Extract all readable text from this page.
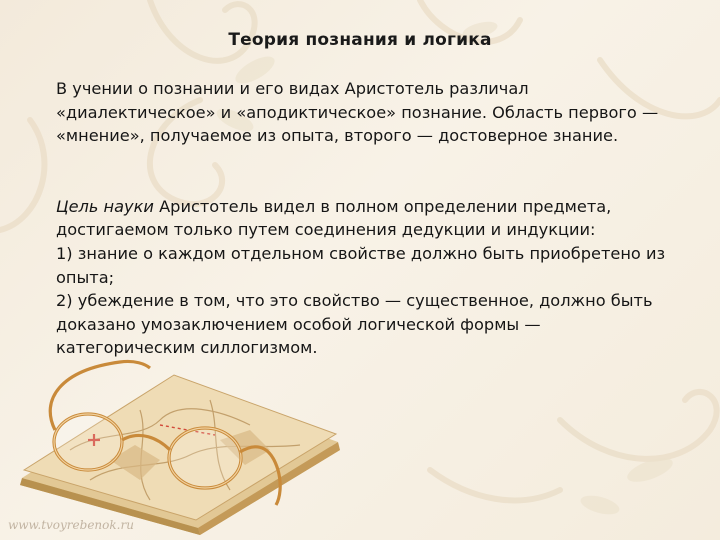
Теория познания и логика
В учении о познании и его видах Аристотель различал
«диалектическое» и «аподиктическое» познание. Область первого —
«мнение», получаемое из опыта, второго — достоверное знание.
Цель науки Аристотель видел в полном определении предмета,
достигаемом только путем соединения дедукции и индукции:
1) знание о каждом отдельном свойстве должно быть приобретено из
опыта;
2) убеждение в том, что это свойство — существенное, должно быть
доказано умозаключением особой логической формы —
категорическим силлогизмом.
www.tvoyrebenok.ru
